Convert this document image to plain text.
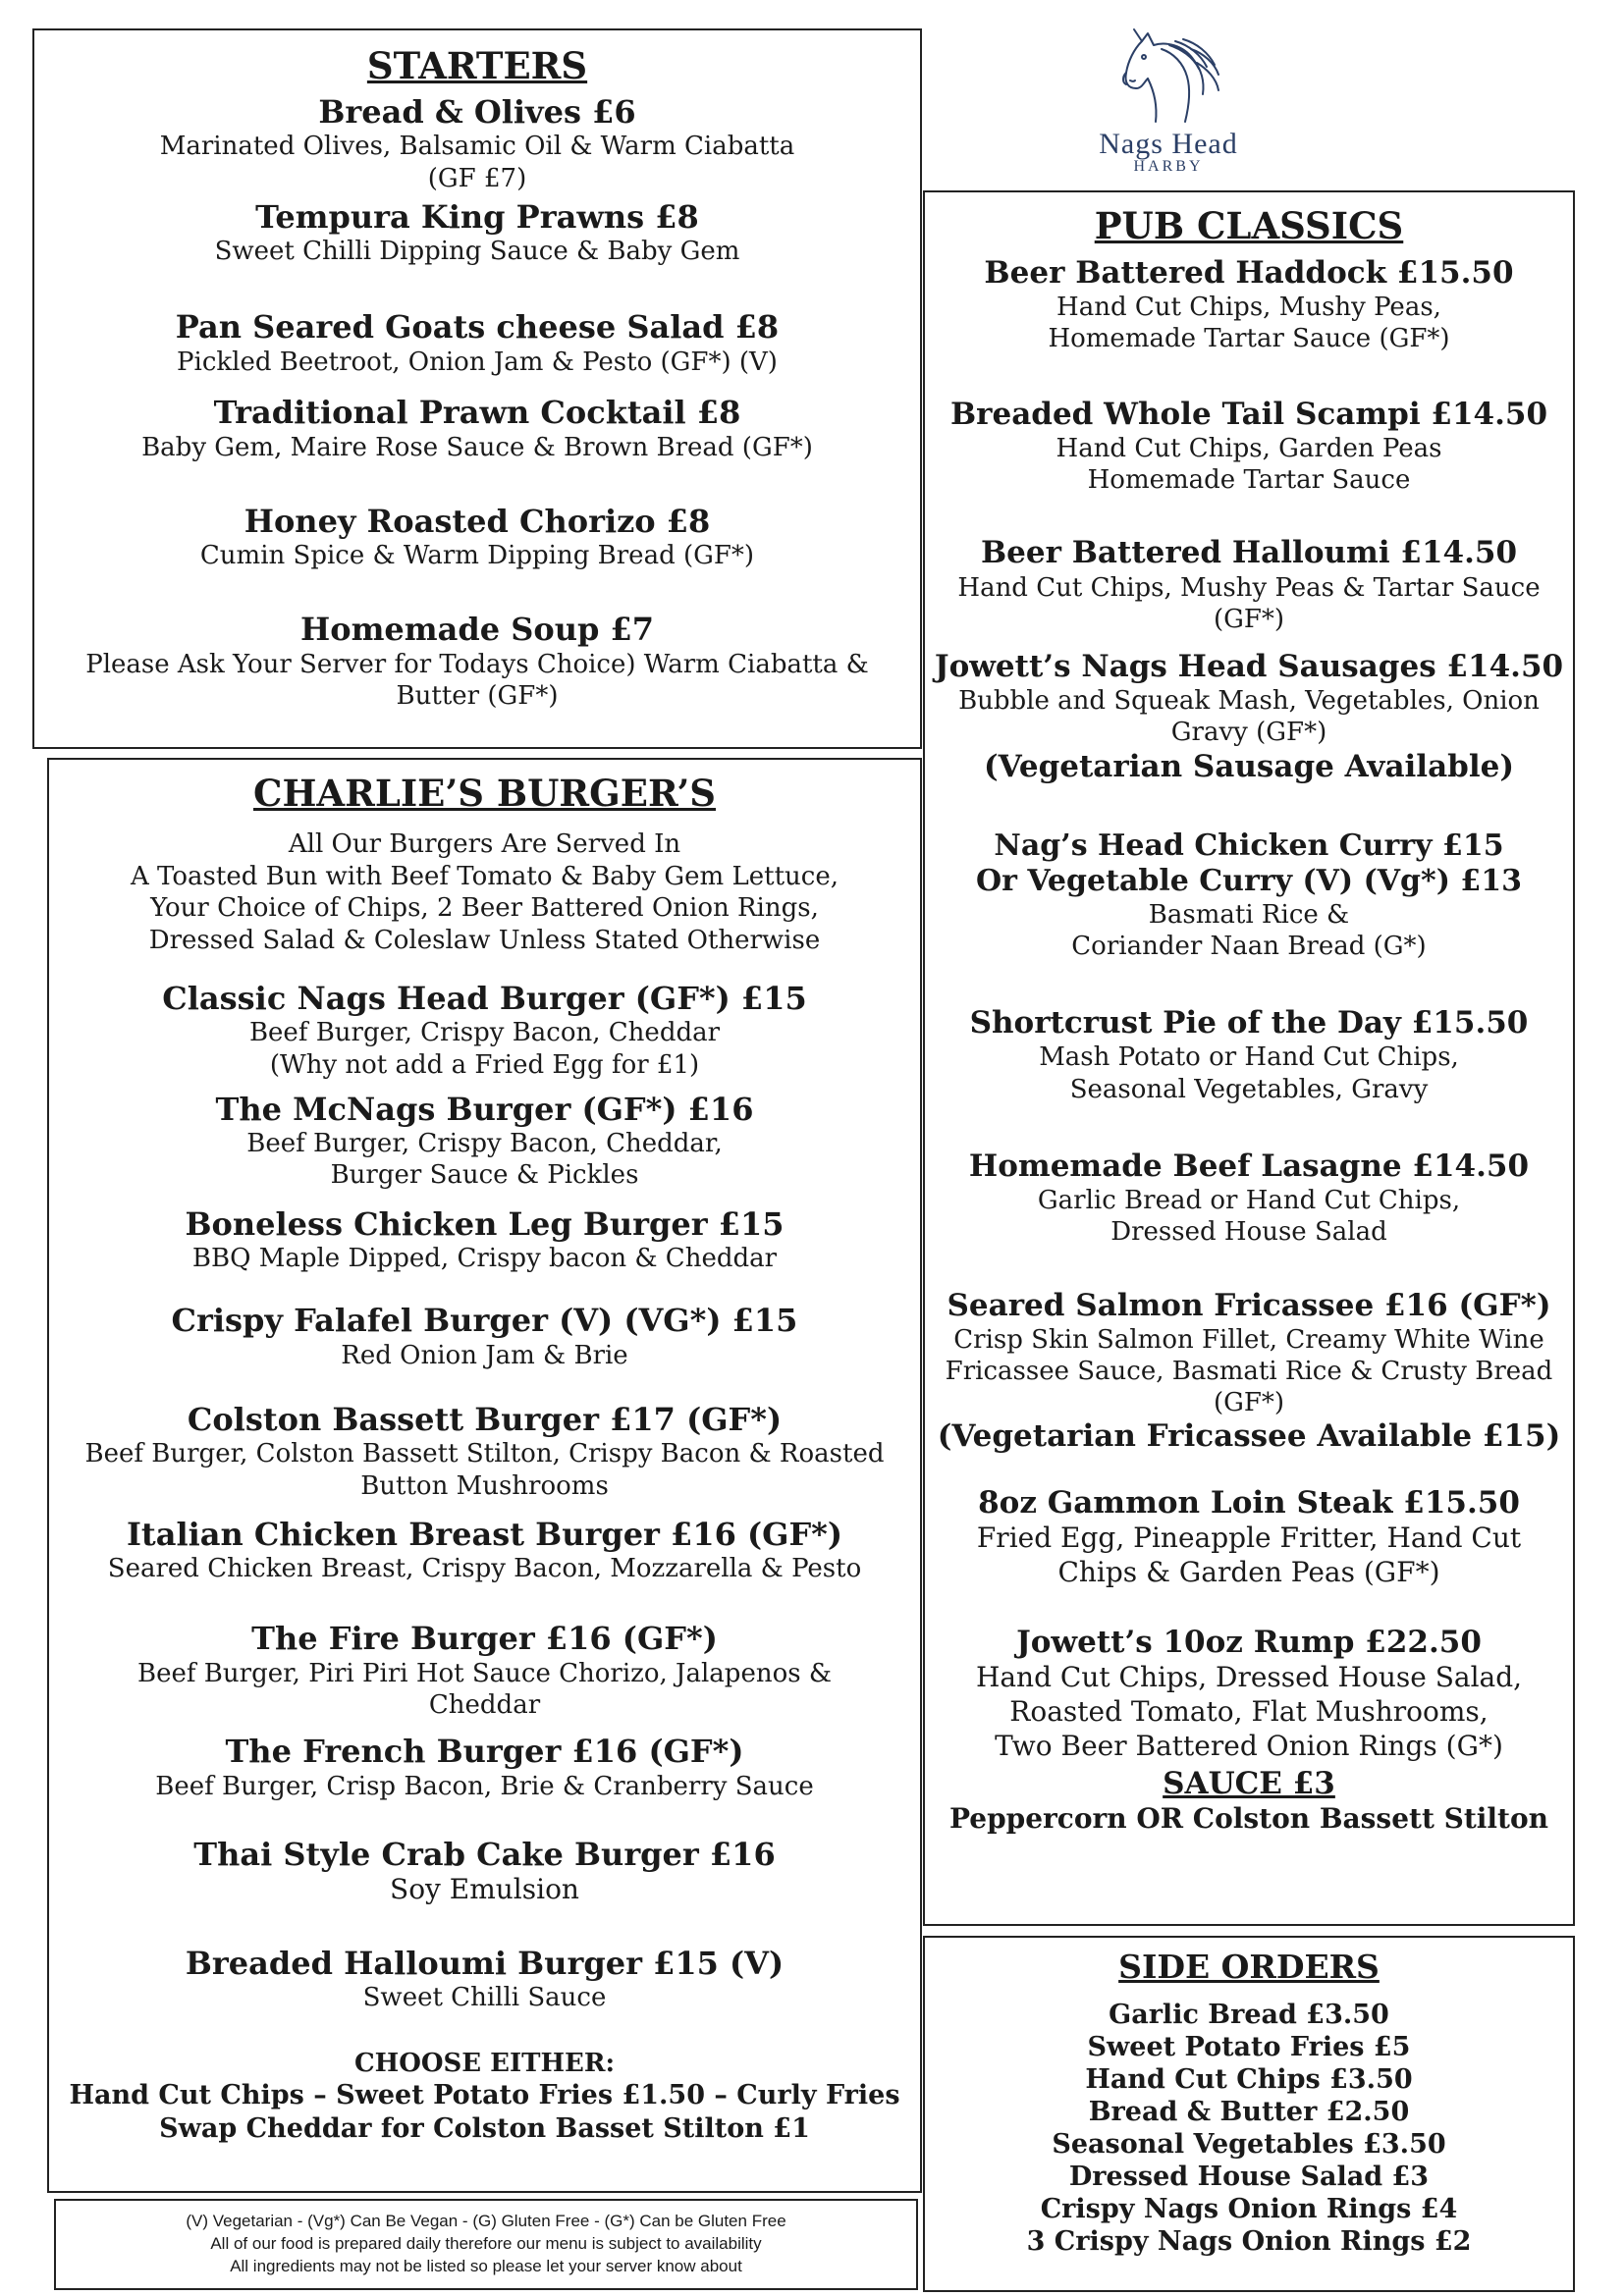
Nags Head
HARBY

STARTERS

Bread & Olives £6

Marinated Olives, Balsamic Oil & Warm Ciabatta

(GF £7)

Tempura King Prawns £8

Sweet Chilli Dipping Sauce & Baby Gem

Pan Seared Goats cheese Salad £8

Pickled Beetroot, Onion Jam & Pesto (GF*) (V)

Traditional Prawn Cocktail £8

Baby Gem, Maire Rose Sauce & Brown Bread (GF*)

Honey Roasted Chorizo £8

Cumin Spice & Warm Dipping Bread (GF*)

Homemade Soup £7

Please Ask Your Server for Todays Choice) Warm Ciabatta &

Butter (GF*)

CHARLIE’S BURGER’S

All Our Burgers Are Served In
A Toasted Bun with Beef Tomato & Baby Gem Lettuce,
Your Choice of Chips, 2 Beer Battered Onion Rings,
Dressed Salad & Coleslaw Unless Stated Otherwise

Classic Nags Head Burger (GF*) £15

Beef Burger, Crispy Bacon, Cheddar

(Why not add a Fried Egg for £1)

The McNags Burger (GF*) £16

Beef Burger, Crispy Bacon, Cheddar,

Burger Sauce & Pickles

Boneless Chicken Leg Burger £15

BBQ Maple Dipped, Crispy bacon & Cheddar

Crispy Falafel Burger (V) (VG*) £15

Red Onion Jam & Brie

Colston Bassett Burger £17 (GF*)

Beef Burger, Colston Bassett Stilton, Crispy Bacon & Roasted

Button Mushrooms

Italian Chicken Breast Burger £16 (GF*)

Seared Chicken Breast, Crispy Bacon, Mozzarella & Pesto

The Fire Burger £16 (GF*)

Beef Burger, Piri Piri Hot Sauce Chorizo, Jalapenos &

Cheddar

The French Burger £16 (GF*)

Beef Burger, Crisp Bacon, Brie & Cranberry Sauce

Thai Style Crab Cake Burger £16

Soy Emulsion

Breaded Halloumi Burger £15 (V)

Sweet Chilli Sauce

CHOOSE EITHER:

Hand Cut Chips – Sweet Potato Fries £1.50 – Curly Fries

Swap Cheddar for Colston Basset Stilton £1

(V) Vegetarian - (Vg*) Can Be Vegan - (G) Gluten Free - (G*) Can be Gluten Free

All of our food is prepared daily therefore our menu is subject to availability

All ingredients may not be listed so please let your server know about

PUB CLASSICS

Beer Battered Haddock £15.50

Hand Cut Chips, Mushy Peas,

Homemade Tartar Sauce (GF*)

Breaded Whole Tail Scampi £14.50

Hand Cut Chips, Garden Peas

Homemade Tartar Sauce

Beer Battered Halloumi £14.50

Hand Cut Chips, Mushy Peas & Tartar Sauce

(GF*)

Jowett’s Nags Head Sausages £14.50

Bubble and Squeak Mash, Vegetables, Onion

Gravy (GF*)

(Vegetarian Sausage Available)

Nag’s Head Chicken Curry £15

Or Vegetable Curry (V) (Vg*) £13

Basmati Rice &

Coriander Naan Bread (G*)

Shortcrust Pie of the Day £15.50

Mash Potato or Hand Cut Chips,

Seasonal Vegetables, Gravy

Homemade Beef Lasagne £14.50

Garlic Bread or Hand Cut Chips,

Dressed House Salad

Seared Salmon Fricassee £16 (GF*)

Crisp Skin Salmon Fillet, Creamy White Wine

Fricassee Sauce, Basmati Rice & Crusty Bread

(GF*)

(Vegetarian Fricassee Available £15)

8oz Gammon Loin Steak £15.50

Fried Egg, Pineapple Fritter, Hand Cut

Chips & Garden Peas (GF*)

Jowett’s 10oz Rump £22.50

Hand Cut Chips, Dressed House Salad,

Roasted Tomato, Flat Mushrooms,

Two Beer Battered Onion Rings (G*)

SAUCE £3

Peppercorn OR Colston Bassett Stilton

SIDE ORDERS

Garlic Bread £3.50

Sweet Potato Fries £5

Hand Cut Chips £3.50

Bread & Butter £2.50

Seasonal Vegetables £3.50

Dressed House Salad £3

Crispy Nags Onion Rings £4

3 Crispy Nags Onion Rings £2
